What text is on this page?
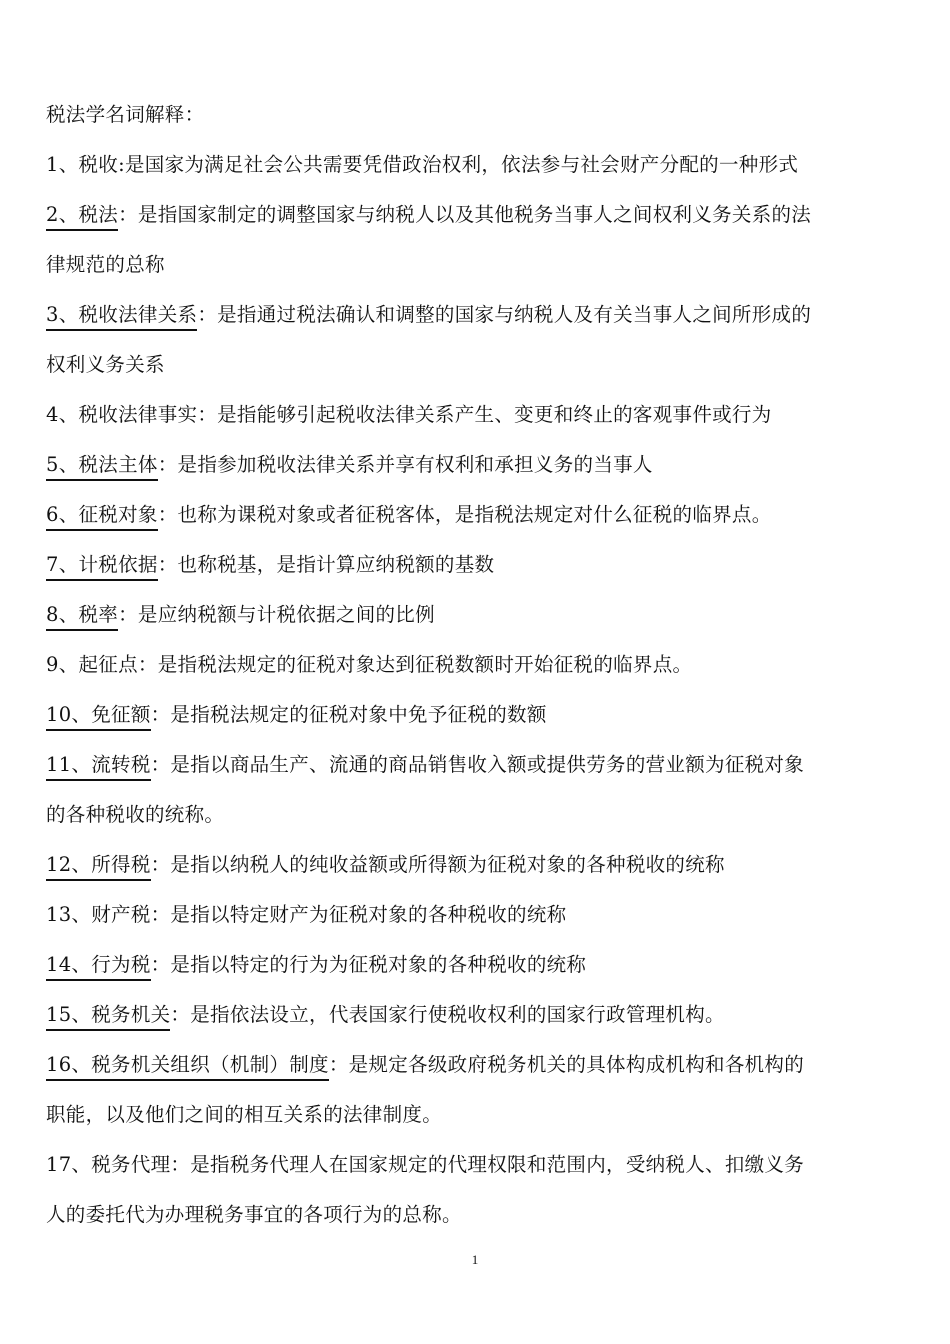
税法学名词解释：
1、税收:是国家为满足社会公共需要凭借政治权利，依法参与社会财产分配的一种形式
2、税法：是指国家制定的调整国家与纳税人以及其他税务当事人之间权利义务关系的法
律规范的总称
3、税收法律关系：是指通过税法确认和调整的国家与纳税人及有关当事人之间所形成的
权利义务关系
4、税收法律事实：是指能够引起税收法律关系产生、变更和终止的客观事件或行为
5、税法主体：是指参加税收法律关系并享有权利和承担义务的当事人
6、征税对象：也称为课税对象或者征税客体，是指税法规定对什么征税的临界点。
7、计税依据：也称税基，是指计算应纳税额的基数
8、税率：是应纳税额与计税依据之间的比例
9、起征点：是指税法规定的征税对象达到征税数额时开始征税的临界点。
10、免征额：是指税法规定的征税对象中免予征税的数额
11、流转税：是指以商品生产、流通的商品销售收入额或提供劳务的营业额为征税对象
的各种税收的统称。
12、所得税：是指以纳税人的纯收益额或所得额为征税对象的各种税收的统称
13、财产税：是指以特定财产为征税对象的各种税收的统称
14、行为税：是指以特定的行为为征税对象的各种税收的统称
15、税务机关：是指依法设立，代表国家行使税收权利的国家行政管理机构。
16、税务机关组织（机制）制度：是规定各级政府税务机关的具体构成机构和各机构的
职能，以及他们之间的相互关系的法律制度。
17、税务代理：是指税务代理人在国家规定的代理权限和范围内，受纳税人、扣缴义务
人的委托代为办理税务事宜的各项行为的总称。
1
